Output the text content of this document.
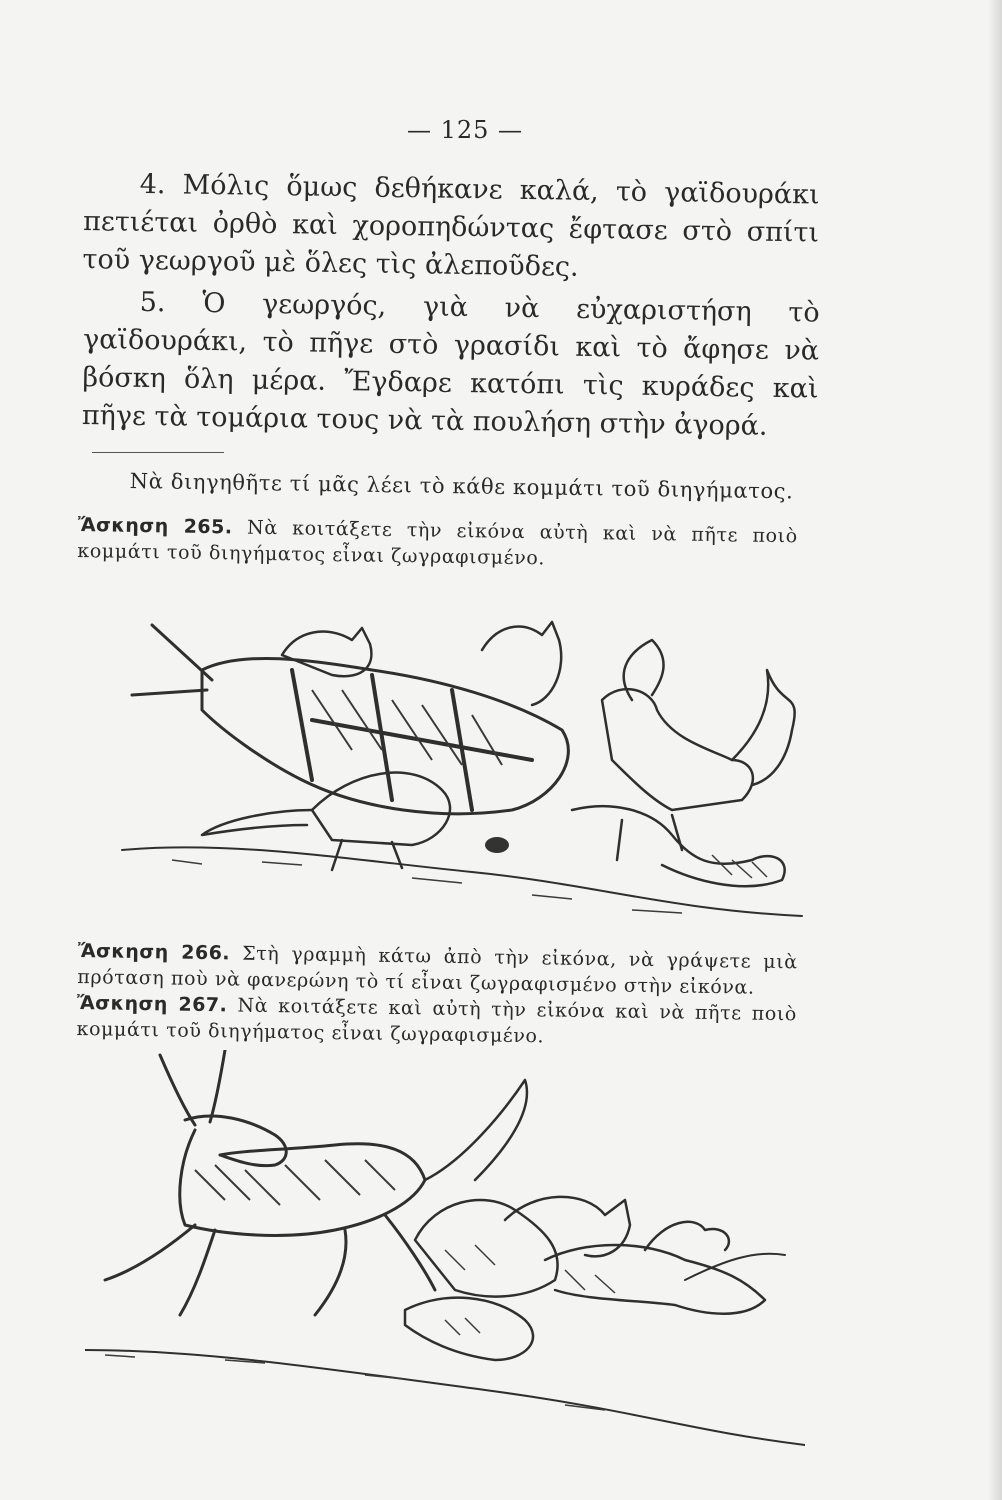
— 125 —

4. Μόλις ὅμως δεθήκανε καλά, τὸ γαϊδουράκι πετιέται ὀρθὸ καὶ χοροπηδώντας ἔφτασε στὸ σπίτι τοῦ γεωργοῦ μὲ ὅλες τὶς ἀλεποῦδες.

5. Ὁ γεωργός, γιὰ νὰ εὐχαριστήση τὸ γαϊδουράκι, τὸ πῆγε στὸ γρασίδι καὶ τὸ ἄφησε νὰ βόσκη ὅλη μέρα. Ἔγδαρε κατόπι τὶς κυράδες καὶ πῆγε τὰ τομάρια τους νὰ τὰ πουλήση στὴν ἀγορά.

Νὰ διηγηθῆτε τί μᾶς λέει τὸ κάθε κομμάτι τοῦ διηγήματος.

Ἄσκηση 265. Νὰ κοιτάξετε τὴν εἰκόνα αὐτὴ καὶ νὰ πῆτε ποιὸ κομμάτι τοῦ διηγήματος εἶναι ζωγραφισμένο.

Ἄσκηση 266. Στὴ γραμμὴ κάτω ἀπὸ τὴν εἰκόνα, νὰ γράψετε μιὰ πρόταση ποὺ νὰ φανερώνη τὸ τί εἶναι ζωγραφισμένο στὴν εἰκόνα.

Ἄσκηση 267. Νὰ κοιτάξετε καὶ αὐτὴ τὴν εἰκόνα καὶ νὰ πῆτε ποιὸ κομμάτι τοῦ διηγήματος εἶναι ζωγραφισμένο.
